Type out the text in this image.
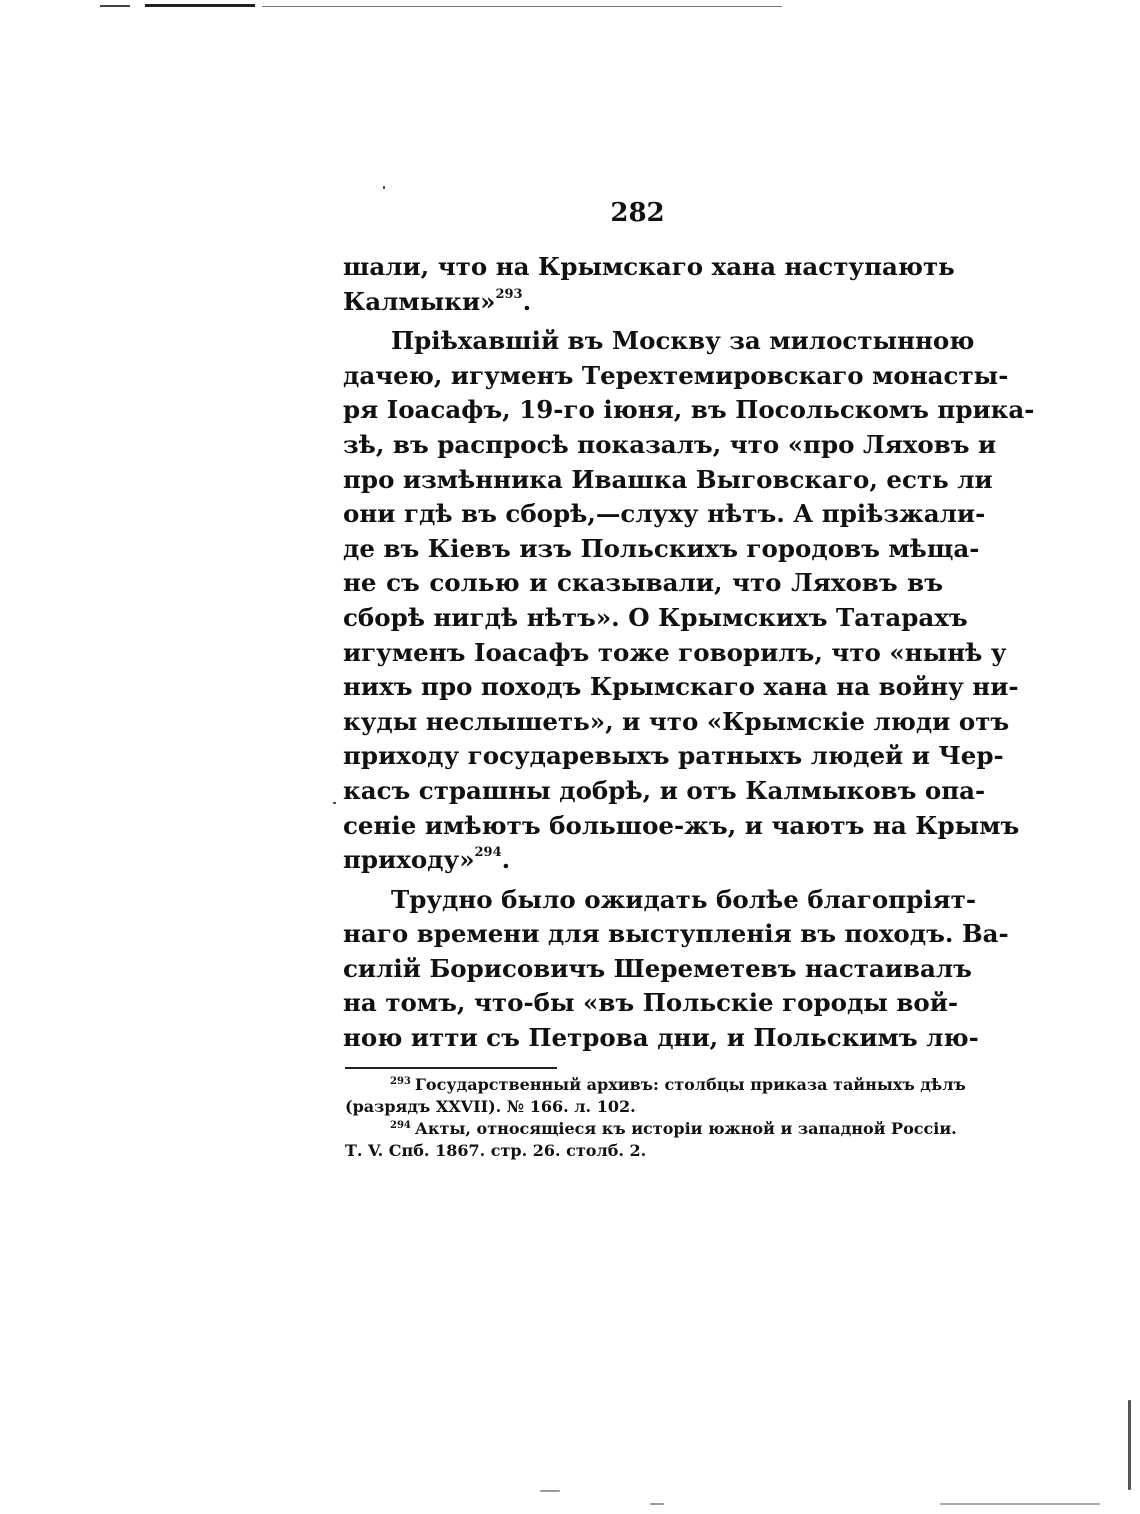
282
шали, что на Крымскаго хана наступають
Калмыки»$^{293}$.
Пріѣхавшій въ Москву за милостынною
дачею, игуменъ Терехтемировскаго монасты-
ря Іоасафъ, 19-го іюня, въ Посольскомъ прика-
зѣ, въ распросѣ показалъ, что «про Ляховъ и
про измѣнника Ивашка Выговскаго, есть ли
они гдѣ въ сборѣ,—слуху нѣтъ. А пріѣзжали-
де въ Кіевъ изъ Польскихъ городовъ мѣща-
не съ солью и сказывали, что Ляховъ въ
сборѣ нигдѣ нѣтъ». О Крымскихъ Татарахъ
игуменъ Іоасафъ тоже говорилъ, что «нынѣ у
нихъ про походъ Крымскаго хана на войну ни-
куды неслышеть», и что «Крымскіе люди отъ
приходу государевыхъ ратныхъ людей и Чер-
касъ страшны добрѣ, и отъ Калмыковъ опа-
сеніе имѣютъ большое-жъ, и чаютъ на Крымъ
приходу»$^{294}$.
Трудно было ожидать болѣе благопріят-
наго времени для выступленія въ походъ. Ва-
силій Борисовичъ Шереметевъ настаивалъ
на томъ, что-бы «въ Польскіе городы вой-
ною итти съ Петрова дни, и Польскимъ лю-
$^{293}$ Государственный архивъ: столбцы приказа тайныхъ дѣлъ
(разрядъ XXVII). № 166. л. 102.
$^{294}$ Акты, относящіеся къ исторіи южной и западной Россіи.
Т. V. Спб. 1867. стр. 26. столб. 2.
